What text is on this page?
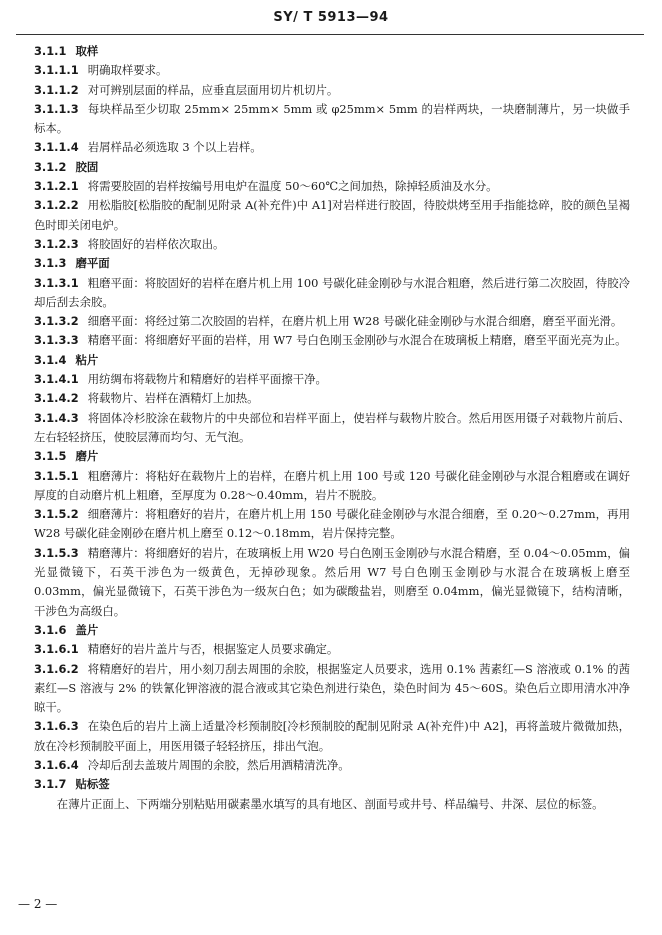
SY/ T 5913—94

3.1.1 取样

3.1.1.1 明确取样要求。

3.1.1.2 对可辨别层面的样品，应垂直层面用切片机切片。

3.1.1.3 每块样品至少切取 25mm× 25mm× 5mm 或 φ25mm× 5mm 的岩样两块，一块磨制薄片，另一块做手标本。

3.1.1.4 岩屑样品必须选取 3 个以上岩样。

3.1.2 胶固

3.1.2.1 将需要胶固的岩样按编号用电炉在温度 50～60℃之间加热，除掉轻质油及水分。

3.1.2.2 用松脂胶[松脂胶的配制见附录 A(补充件)中 A1]对岩样进行胶固，待胶烘烤至用手指能捻碎，胶的颜色呈褐色时即关闭电炉。

3.1.2.3 将胶固好的岩样依次取出。

3.1.3 磨平面

3.1.3.1 粗磨平面：将胶固好的岩样在磨片机上用 100 号碳化硅金刚砂与水混合粗磨，然后进行第二次胶固，待胶冷却后刮去余胶。

3.1.3.2 细磨平面：将经过第二次胶固的岩样，在磨片机上用 W28 号碳化硅金刚砂与水混合细磨，磨至平面光滑。

3.1.3.3 精磨平面：将细磨好平面的岩样，用 W7 号白色刚玉金刚砂与水混合在玻璃板上精磨，磨至平面光亮为止。

3.1.4 粘片

3.1.4.1 用纺绸布将载物片和精磨好的岩样平面擦干净。

3.1.4.2 将载物片、岩样在酒精灯上加热。

3.1.4.3 将固体冷杉胶涂在载物片的中央部位和岩样平面上，使岩样与载物片胶合。然后用医用镊子对载物片前后、左右轻轻挤压，使胶层薄而均匀、无气泡。

3.1.5 磨片

3.1.5.1 粗磨薄片：将粘好在载物片上的岩样，在磨片机上用 100 号或 120 号碳化硅金刚砂与水混合粗磨或在调好厚度的自动磨片机上粗磨，至厚度为 0.28～0.40mm，岩片不脱胶。

3.1.5.2 细磨薄片：将粗磨好的岩片，在磨片机上用 150 号碳化硅金刚砂与水混合细磨，至 0.20～0.27mm，再用 W28 号碳化硅金刚砂在磨片机上磨至 0.12～0.18mm，岩片保持完整。

3.1.5.3 精磨薄片：将细磨好的岩片，在玻璃板上用 W20 号白色刚玉金刚砂与水混合精磨，至 0.04～0.05mm，偏光显微镜下，石英干涉色为一级黄色，无掉砂现象。然后用 W7 号白色刚玉金刚砂与水混合在玻璃板上磨至 0.03mm，偏光显微镜下，石英干涉色为一级灰白色；如为碳酸盐岩，则磨至 0.04mm，偏光显微镜下，结构清晰，干涉色为高级白。

3.1.6 盖片

3.1.6.1 精磨好的岩片盖片与否，根据鉴定人员要求确定。

3.1.6.2 将精磨好的岩片，用小刻刀刮去周围的余胶，根据鉴定人员要求，选用 0.1% 茜素红—S 溶液或 0.1% 的茜素红—S 溶液与 2% 的铁氰化钾溶液的混合液或其它染色剂进行染色，染色时间为 45～60S。染色后立即用清水冲净晾干。

3.1.6.3 在染色后的岩片上滴上适量冷杉预制胶[冷杉预制胶的配制见附录 A(补充件)中 A2]，再将盖玻片微微加热，放在冷杉预制胶平面上，用医用镊子轻轻挤压，排出气泡。

3.1.6.4 冷却后刮去盖玻片周围的余胶，然后用酒精清洗净。

3.1.7 贴标签

在薄片正面上、下两端分别粘贴用碳素墨水填写的具有地区、剖面号或井号、样品编号、井深、层位的标签。

— 2 —
